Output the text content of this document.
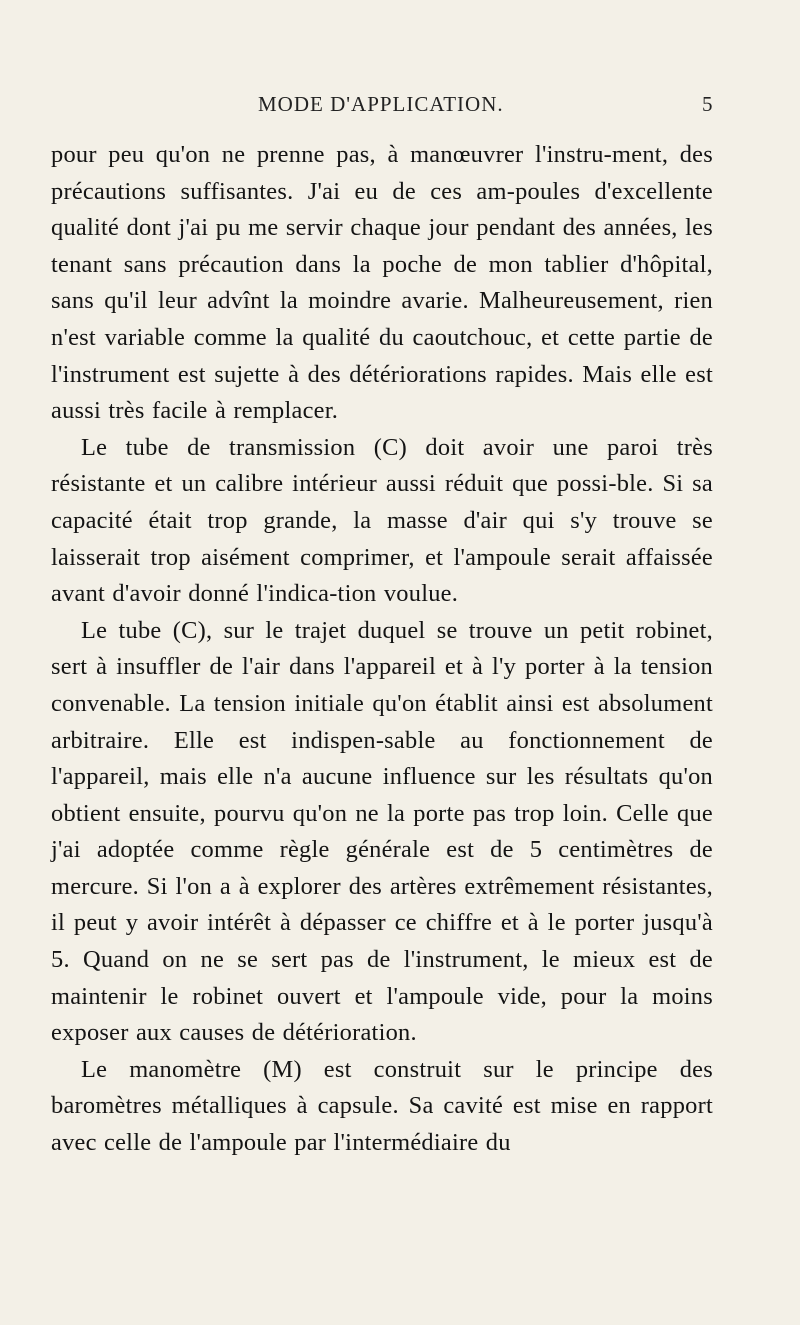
MODE D'APPLICATION.	5

pour peu qu'on ne prenne pas, à manœuvrer l'instru-ment, des précautions suffisantes. J'ai eu de ces am-poules d'excellente qualité dont j'ai pu me servir chaque jour pendant des années, les tenant sans précaution dans la poche de mon tablier d'hôpital, sans qu'il leur advînt la moindre avarie. Malheureusement, rien n'est variable comme la qualité du caoutchouc, et cette partie de l'instrument est sujette à des détériorations rapides. Mais elle est aussi très facile à remplacer.

Le tube de transmission (C) doit avoir une paroi très résistante et un calibre intérieur aussi réduit que possi-ble. Si sa capacité était trop grande, la masse d'air qui s'y trouve se laisserait trop aisément comprimer, et l'ampoule serait affaissée avant d'avoir donné l'indica-tion voulue.

Le tube (C), sur le trajet duquel se trouve un petit robinet, sert à insuffler de l'air dans l'appareil et à l'y porter à la tension convenable. La tension initiale qu'on établit ainsi est absolument arbitraire. Elle est indispen-sable au fonctionnement de l'appareil, mais elle n'a aucune influence sur les résultats qu'on obtient ensuite, pourvu qu'on ne la porte pas trop loin. Celle que j'ai adoptée comme règle générale est de 5 centimètres de mercure. Si l'on a à explorer des artères extrêmement résistantes, il peut y avoir intérêt à dépasser ce chiffre et à le porter jusqu'à 5. Quand on ne se sert pas de l'instrument, le mieux est de maintenir le robinet ouvert et l'ampoule vide, pour la moins exposer aux causes de détérioration.

Le manomètre (M) est construit sur le principe des baromètres métalliques à capsule. Sa cavité est mise en rapport avec celle de l'ampoule par l'intermédiaire du
